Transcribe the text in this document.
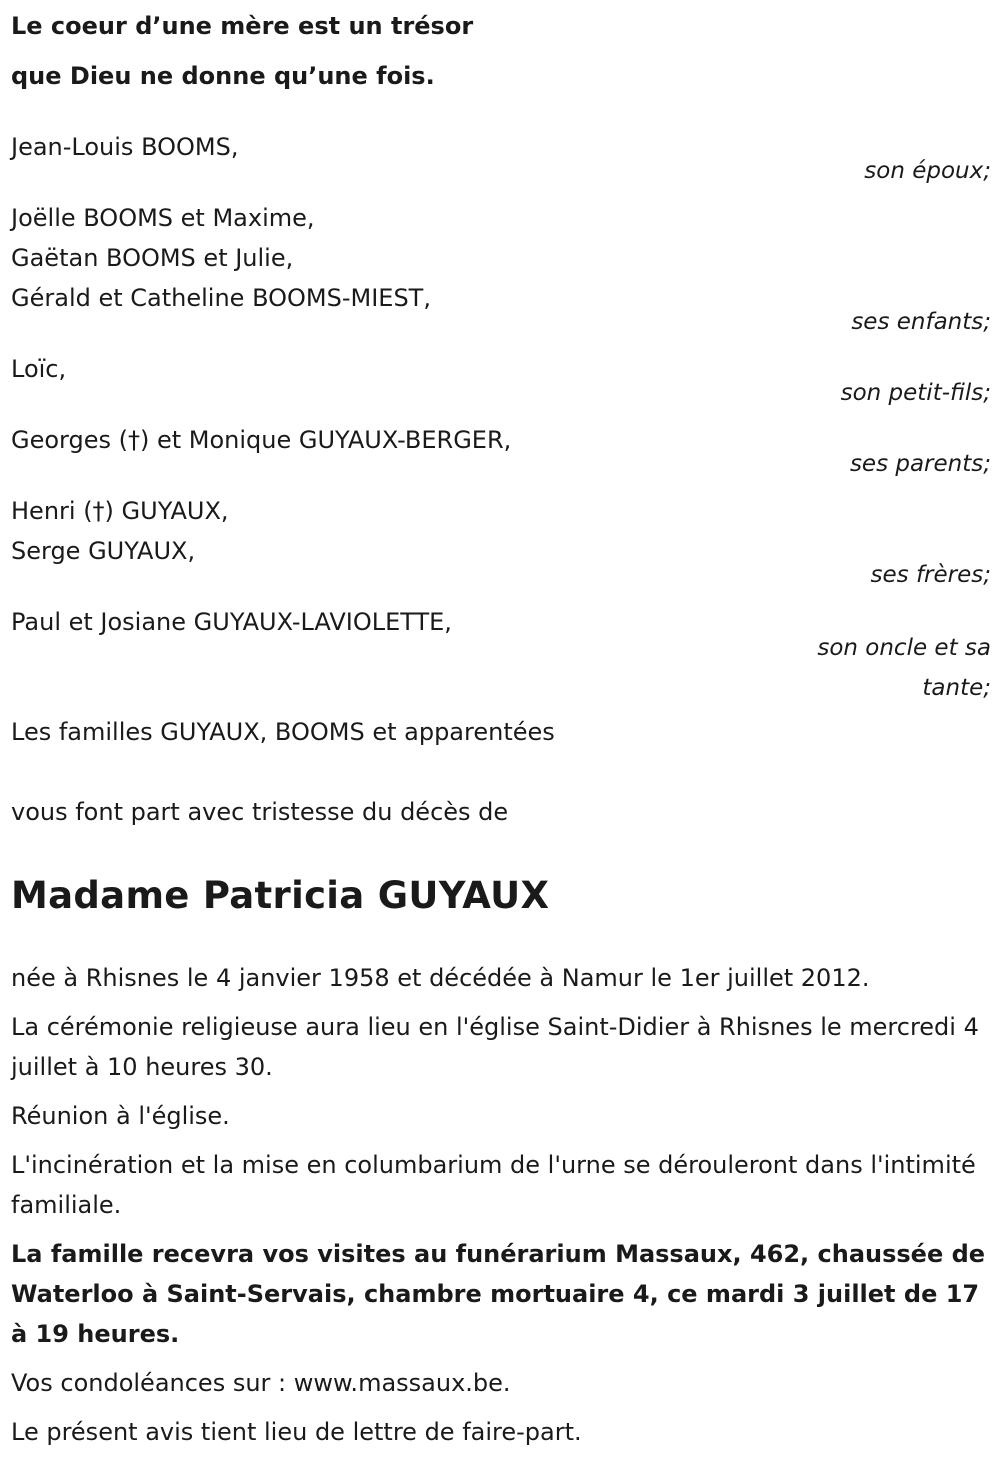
Le coeur d’une mère est un trésor
que Dieu ne donne qu’une fois.
Jean-Louis BOOMS,
son époux;
Joëlle BOOMS et Maxime,
Gaëtan BOOMS et Julie,
Gérald et Catheline BOOMS-MIEST,
ses enfants;
Loïc,
son petit-fils;
Georges (†) et Monique GUYAUX-BERGER,
ses parents;
Henri (†) GUYAUX,
Serge GUYAUX,
ses frères;
Paul et Josiane GUYAUX-LAVIOLETTE,
son oncle et sa tante;
Les familles GUYAUX, BOOMS et apparentées
vous font part avec tristesse du décès de
Madame Patricia GUYAUX

née à Rhisnes le 4 janvier 1958 et décédée à Namur le 1er juillet 2012.

La cérémonie religieuse aura lieu en l'église Saint-Didier à Rhisnes le mercredi 4 juillet à 10 heures 30.

Réunion à l'église.

L'incinération et la mise en columbarium de l'urne se dérouleront dans l'intimité familiale.

La famille recevra vos visites au funérarium Massaux, 462, chaussée de Waterloo à Saint-Servais, chambre mortuaire 4, ce mardi 3 juillet de 17 à 19 heures.

Vos condoléances sur : www.massaux.be.

Le présent avis tient lieu de lettre de faire-part.
